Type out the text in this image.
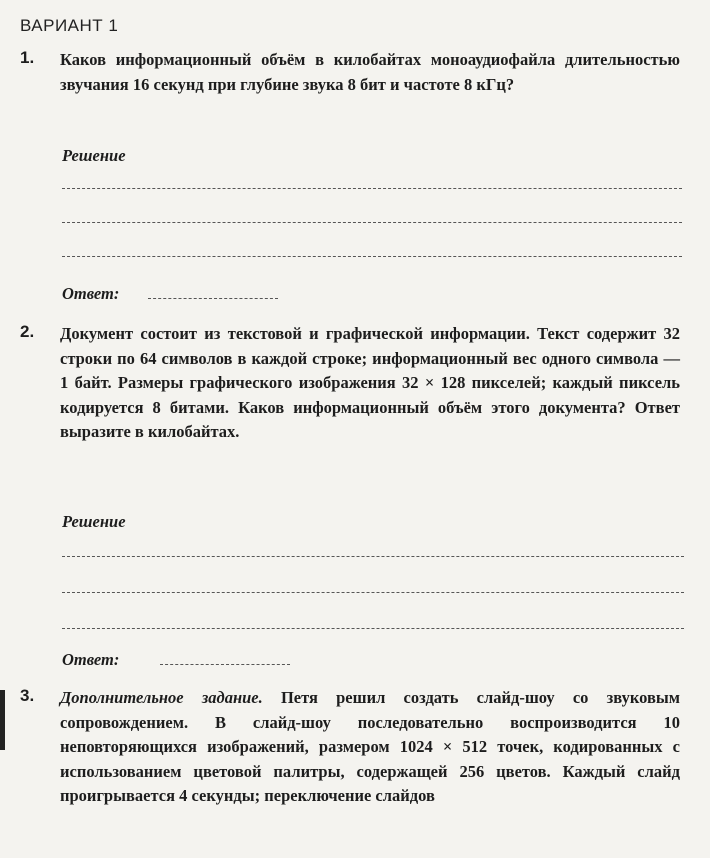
ВАРИАНТ 1
1. Каков информационный объём в килобайтах моноаудиофайла длительностью звучания 16 секунд при глубине звука 8 бит и частоте 8 кГц?
Решение
Ответ:
2. Документ состоит из текстовой и графической информации. Текст содержит 32 строки по 64 символов в каждой строке; информационный вес одного символа — 1 байт. Размеры графического изображения 32 × 128 пикселей; каждый пиксель кодируется 8 битами. Каков информационный объём этого документа? Ответ выразите в килобайтах.
Решение
Ответ:
3. Дополнительное задание. Петя решил создать слайд-шоу со звуковым сопровождением. В слайд-шоу последовательно воспроизводится 10 неповторяющихся изображений, размером 1024 × 512 точек, кодированных с использованием цветовой палитры, содержащей 256 цветов. Каждый слайд проигрывается 4 секунды; переключение слайдов
